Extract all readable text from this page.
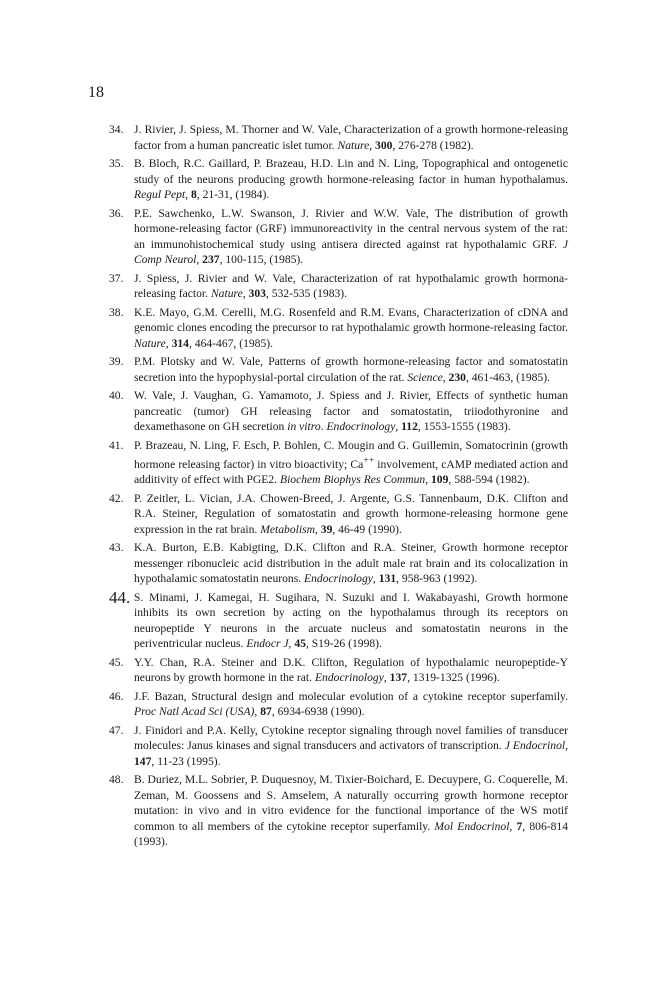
18
34. J. Rivier, J. Spiess, M. Thorner and W. Vale, Characterization of a growth hormone-releasing factor from a human pancreatic islet tumor. Nature, 300, 276-278 (1982).
35. B. Bloch, R.C. Gaillard, P. Brazeau, H.D. Lin and N. Ling, Topographical and ontogenetic study of the neurons producing growth hormone-releasing factor in human hypothalamus. Regul Pept, 8, 21-31, (1984).
36. P.E. Sawchenko, L.W. Swanson, J. Rivier and W.W. Vale, The distribution of growth hormone-releasing factor (GRF) immunoreactivity in the central nervous system of the rat: an immunohistochemical study using antisera directed against rat hypothalamic GRF. J Comp Neurol, 237, 100-115, (1985).
37. J. Spiess, J. Rivier and W. Vale, Characterization of rat hypothalamic growth hormona-releasing factor. Nature, 303, 532-535 (1983).
38. K.E. Mayo, G.M. Cerelli, M.G. Rosenfeld and R.M. Evans, Characterization of cDNA and genomic clones encoding the precursor to rat hypothalamic growth hormone-releasing factor. Nature, 314, 464-467, (1985).
39. P.M. Plotsky and W. Vale, Patterns of growth hormone-releasing factor and somatostatin secretion into the hypophysial-portal circulation of the rat. Science, 230, 461-463, (1985).
40. W. Vale, J. Vaughan, G. Yamamoto, J. Spiess and J. Rivier, Effects of synthetic human pancreatic (tumor) GH releasing factor and somatostatin, triiodothyronine and dexamethasone on GH secretion in vitro. Endocrinology, 112, 1553-1555 (1983).
41. P. Brazeau, N. Ling, F. Esch, P. Bohlen, C. Mougin and G. Guillemin, Somatocrinin (growth hormone releasing factor) in vitro bioactivity; Ca++ involvement, cAMP mediated action and additivity of effect with PGE2. Biochem Biophys Res Commun, 109, 588-594 (1982).
42. P. Zeitler, L. Vician, J.A. Chowen-Breed, J. Argente, G.S. Tannenbaum, D.K. Clifton and R.A. Steiner, Regulation of somatostatin and growth hormone-releasing hormone gene expression in the rat brain. Metabolism, 39, 46-49 (1990).
43. K.A. Burton, E.B. Kabigting, D.K. Clifton and R.A. Steiner, Growth hormone receptor messenger ribonucleic acid distribution in the adult male rat brain and its colocalization in hypothalamic somatostatin neurons. Endocrinology, 131, 958-963 (1992).
44. S. Minami, J. Kamegai, H. Sugihara, N. Suzuki and I. Wakabayashi, Growth hormone inhibits its own secretion by acting on the hypothalamus through its receptors on neuropeptide Y neurons in the arcuate nucleus and somatostatin neurons in the periventricular nucleus. Endocr J, 45, S19-26 (1998).
45. Y.Y. Chan, R.A. Steiner and D.K. Clifton, Regulation of hypothalamic neuropeptide-Y neurons by growth hormone in the rat. Endocrinology, 137, 1319-1325 (1996).
46. J.F. Bazan, Structural design and molecular evolution of a cytokine receptor superfamily. Proc Natl Acad Sci (USA), 87, 6934-6938 (1990).
47. J. Finidori and P.A. Kelly, Cytokine receptor signaling through novel families of transducer molecules: Janus kinases and signal transducers and activators of transcription. J Endocrinol, 147, 11-23 (1995).
48. B. Duriez, M.L. Sobrier, P. Duquesnoy, M. Tixier-Boichard, E. Decuypere, G. Coquerelle, M. Zeman, M. Goossens and S. Amselem, A naturally occurring growth hormone receptor mutation: in vivo and in vitro evidence for the functional importance of the WS motif common to all members of the cytokine receptor superfamily. Mol Endocrinol, 7, 806-814 (1993).
